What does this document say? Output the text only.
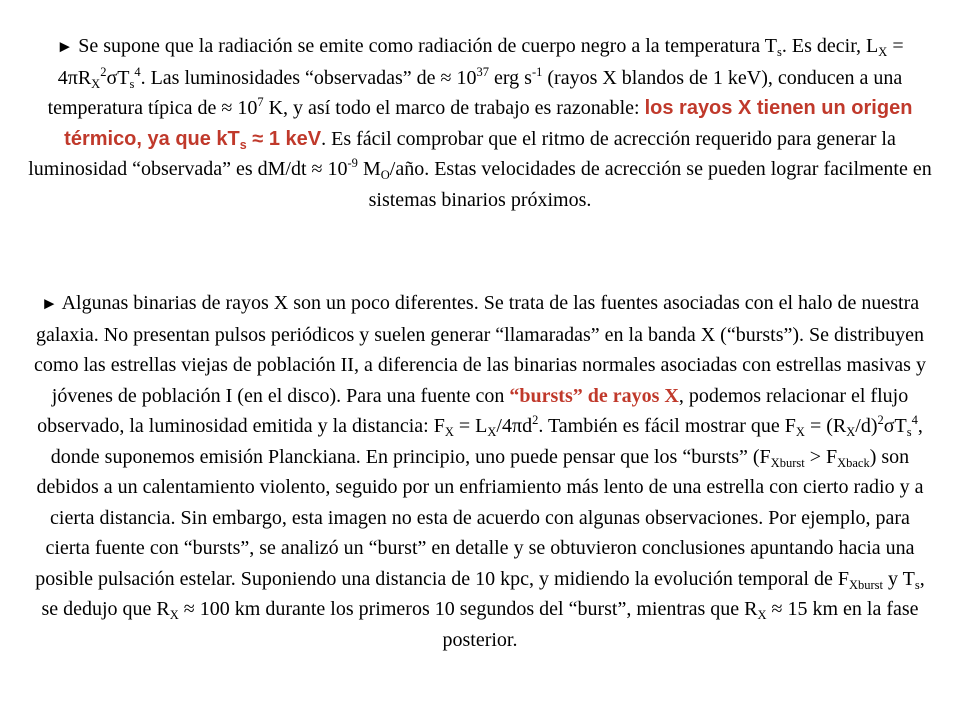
► Se supone que la radiación se emite como radiación de cuerpo negro a la temperatura $T_s$. Es decir, $L_X = 4\pi R_X^2\sigma T_s^4$. Las luminosidades “observadas” de ≈ $10^{37}$ erg $s^{-1}$ (rayos X blandos de 1 keV), conducen a una temperatura típica de ≈ $10^7$ K, y así todo el marco de trabajo es razonable: los rayos X tienen un origen térmico, ya que $kT_s \approx 1$ keV. Es fácil comprobar que el ritmo de acrección requerido para generar la luminosidad “observada” es $dM/dt \approx 10^{-9}$ $M_O$/año. Estas velocidades de acrección se pueden lograr facilmente en sistemas binarios próximos.

► Algunas binarias de rayos X son un poco diferentes. Se trata de las fuentes asociadas con el halo de nuestra galaxia. No presentan pulsos periódicos y suelen generar “llamaradas” en la banda X (“bursts”). Se distribuyen como las estrellas viejas de población II, a diferencia de las binarias normales asociadas con estrellas masivas y jóvenes de población I (en el disco). Para una fuente con “bursts” de rayos X, podemos relacionar el flujo observado, la luminosidad emitida y la distancia: $F_X = L_X/4\pi d^2$. También es fácil mostrar que $F_X = (R_X/d)^2\sigma T_s^4$, donde suponemos emisión Planckiana. En principio, uno puede pensar que los “bursts” $(F_{Xburst} > F_{Xback})$ son debidos a un calentamiento violento, seguido por un enfriamiento más lento de una estrella con cierto radio y a cierta distancia. Sin embargo, esta imagen no esta de acuerdo con algunas observaciones. Por ejemplo, para cierta fuente con “bursts”, se analizó un “burst” en detalle y se obtuvieron conclusiones apuntando hacia una posible pulsación estelar. Suponiendo una distancia de 10 kpc, y midiendo la evolución temporal de $F_{Xburst}$ y $T_s$, se dedujo que $R_X \approx 100$ km durante los primeros 10 segundos del “burst”, mientras que $R_X \approx 15$ km en la fase posterior.
